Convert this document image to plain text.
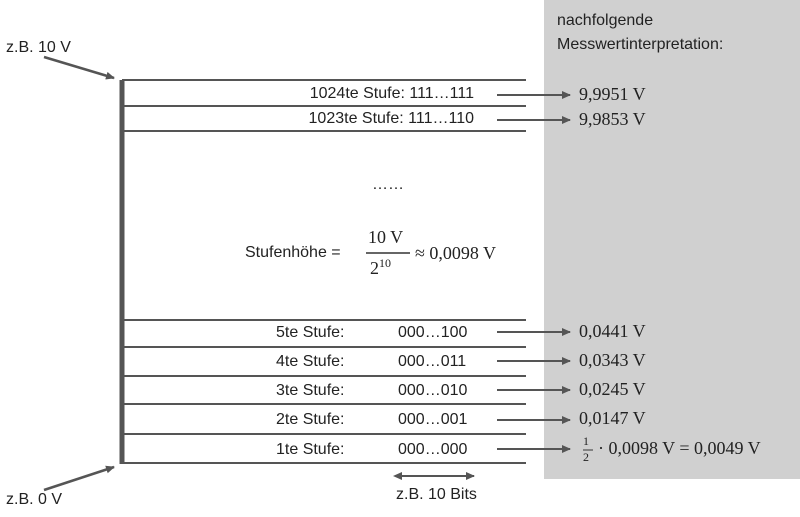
nachfolgende
Messwertinterpretation:
z.B. 10 V
z.B. 0 V
1024te Stufe: 111…111
1023te Stufe: 111…110
9,9951 V
9,9853 V
……
Stufenhöhe =
10 V
$2^{10} \approx 0,0098$ V
5te Stufe:
4te Stufe:
3te Stufe:
2te Stufe:
1te Stufe:
000…100
000…011
000…010
000…001
000…000
0,0441 V
0,0343 V
0,0245 V
0,0147 V
1
2 · 0,0098 V = 0,0049 V
z.B. 10 Bits
